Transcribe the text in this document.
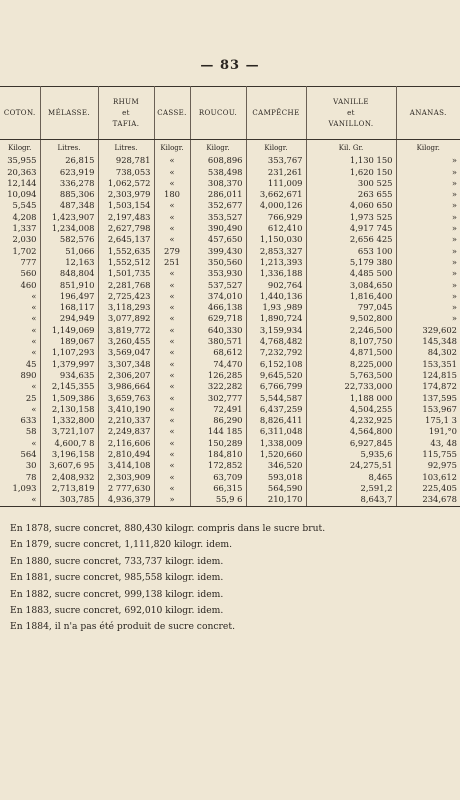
— 83 —
COTON.	MÉLASSE.	RHUM
et
TAFIA.	CASSE.	ROUCOU.	CAMPÊCHE	VANILLE
et
VANILLON.	ANANAS.
Kilogr.	Litres.	Litres.	Kilogr.	Kilogr.	Kilogr.	Kil. Gr.	Kilogr.
35,955	26,815	928,781	«	608,896	353,767	1,130 150	»
20,363	623,919	738,053	«	538,498	231,261	1,620 150	»
12,144	336,278	1,062,572	«	308,370	111,009	300 525	»
10,094	885,306	2,303,979	180	286,011	3,662,671	263 655	»
5,545	487,348	1,503,154	«	352,677	4,000,126	4,060 650	»
4,208	1,423,907	2,197,483	«	353,527	766,929	1,973 525	»
1,337	1,234,008	2,627,798	«	390,490	612,410	4,917 745	»
2,030	582,576	2,645,137	«	457,650	1,150,030	2,656 425	»
1,702	51,066	1,552,635	279	399,430	2,853,327	653 100	»
777	12,163	1,552,512	251	350,560	1,213,393	5,179 380	»
560	848,804	1,501,735	«	353,930	1,336,188	4,485 500	»
460	851,910	2,281,768	«	537,527	902,764	3,084,650	»
«	196,497	2,725,423	«	374,010	1,440,136	1,816,400	»
«	168,117	3,118,293	«	466,138	1,93 ,989	797,045	»
«	294,949	3,077,892	«	629,718	1,890,724	9,502,800	»
«	1,149,069	3,819,772	«	640,330	3,159,934	2,246,500	329,602
«	189,067	3,260,455	«	380,571	4,768,482	8,107,750	145,348
«	1,107,293	3,569,047	«	68,612	7,232,792	4,871,500	84,302
45	1,379,997	3,307,348	«	74,470	6,152,108	8,225,000	153,351
890	934,635	2,306,207	«	126,285	9,645,520	5,763,500	124,815
«	2,145,355	3,986,664	«	322,282	6,766,799	22,733,000	174,872
25	1,509,386	3,659,763	«	302,777	5,544,587	1,188 000	137,595
«	2,130,158	3,410,190	«	72,491	6,437,259	4,504,255	153,967
633	1,332,800	2,210,337	«	86,290	8,826,411	4,232,925	175,1 3
58	3,721,107	2,249,837	«	144 185	6,311,048	4,564,800	191,°0
«	4,600,7 8	2,116,606	«	150,289	1,338,009	6,927,845	43, 48
564	3,196,158	2,810,494	«	184,810	1,520,660	5,935,6	115,755
30	3,607,6 95	3,414,108	«	172,852	346,520	24,275,51	92,975
78	2,408,932	2,303,909	«	63,709	593,018	8,465	103,612
1,093	2,713,819	2 777,630	«	66,315	564,590	2,591,2	225,405
«	303,785	4,936,379	»	55,9 6	210,170	8,643,7	234,678

En 1878, sucre concret, 880,430 kilogr. compris dans le sucre brut.

En 1879, sucre concret, 1,111,820 kilogr. idem.

En 1880, sucre concret, 733,737 kilogr. idem.

En 1881, sucre concret, 985,558 kilogr. idem.

En 1882, sucre concret, 999,138 kilogr. idem.

En 1883, sucre concret, 692,010 kilogr. idem.

En 1884, il n'a pas été produit de sucre concret.
